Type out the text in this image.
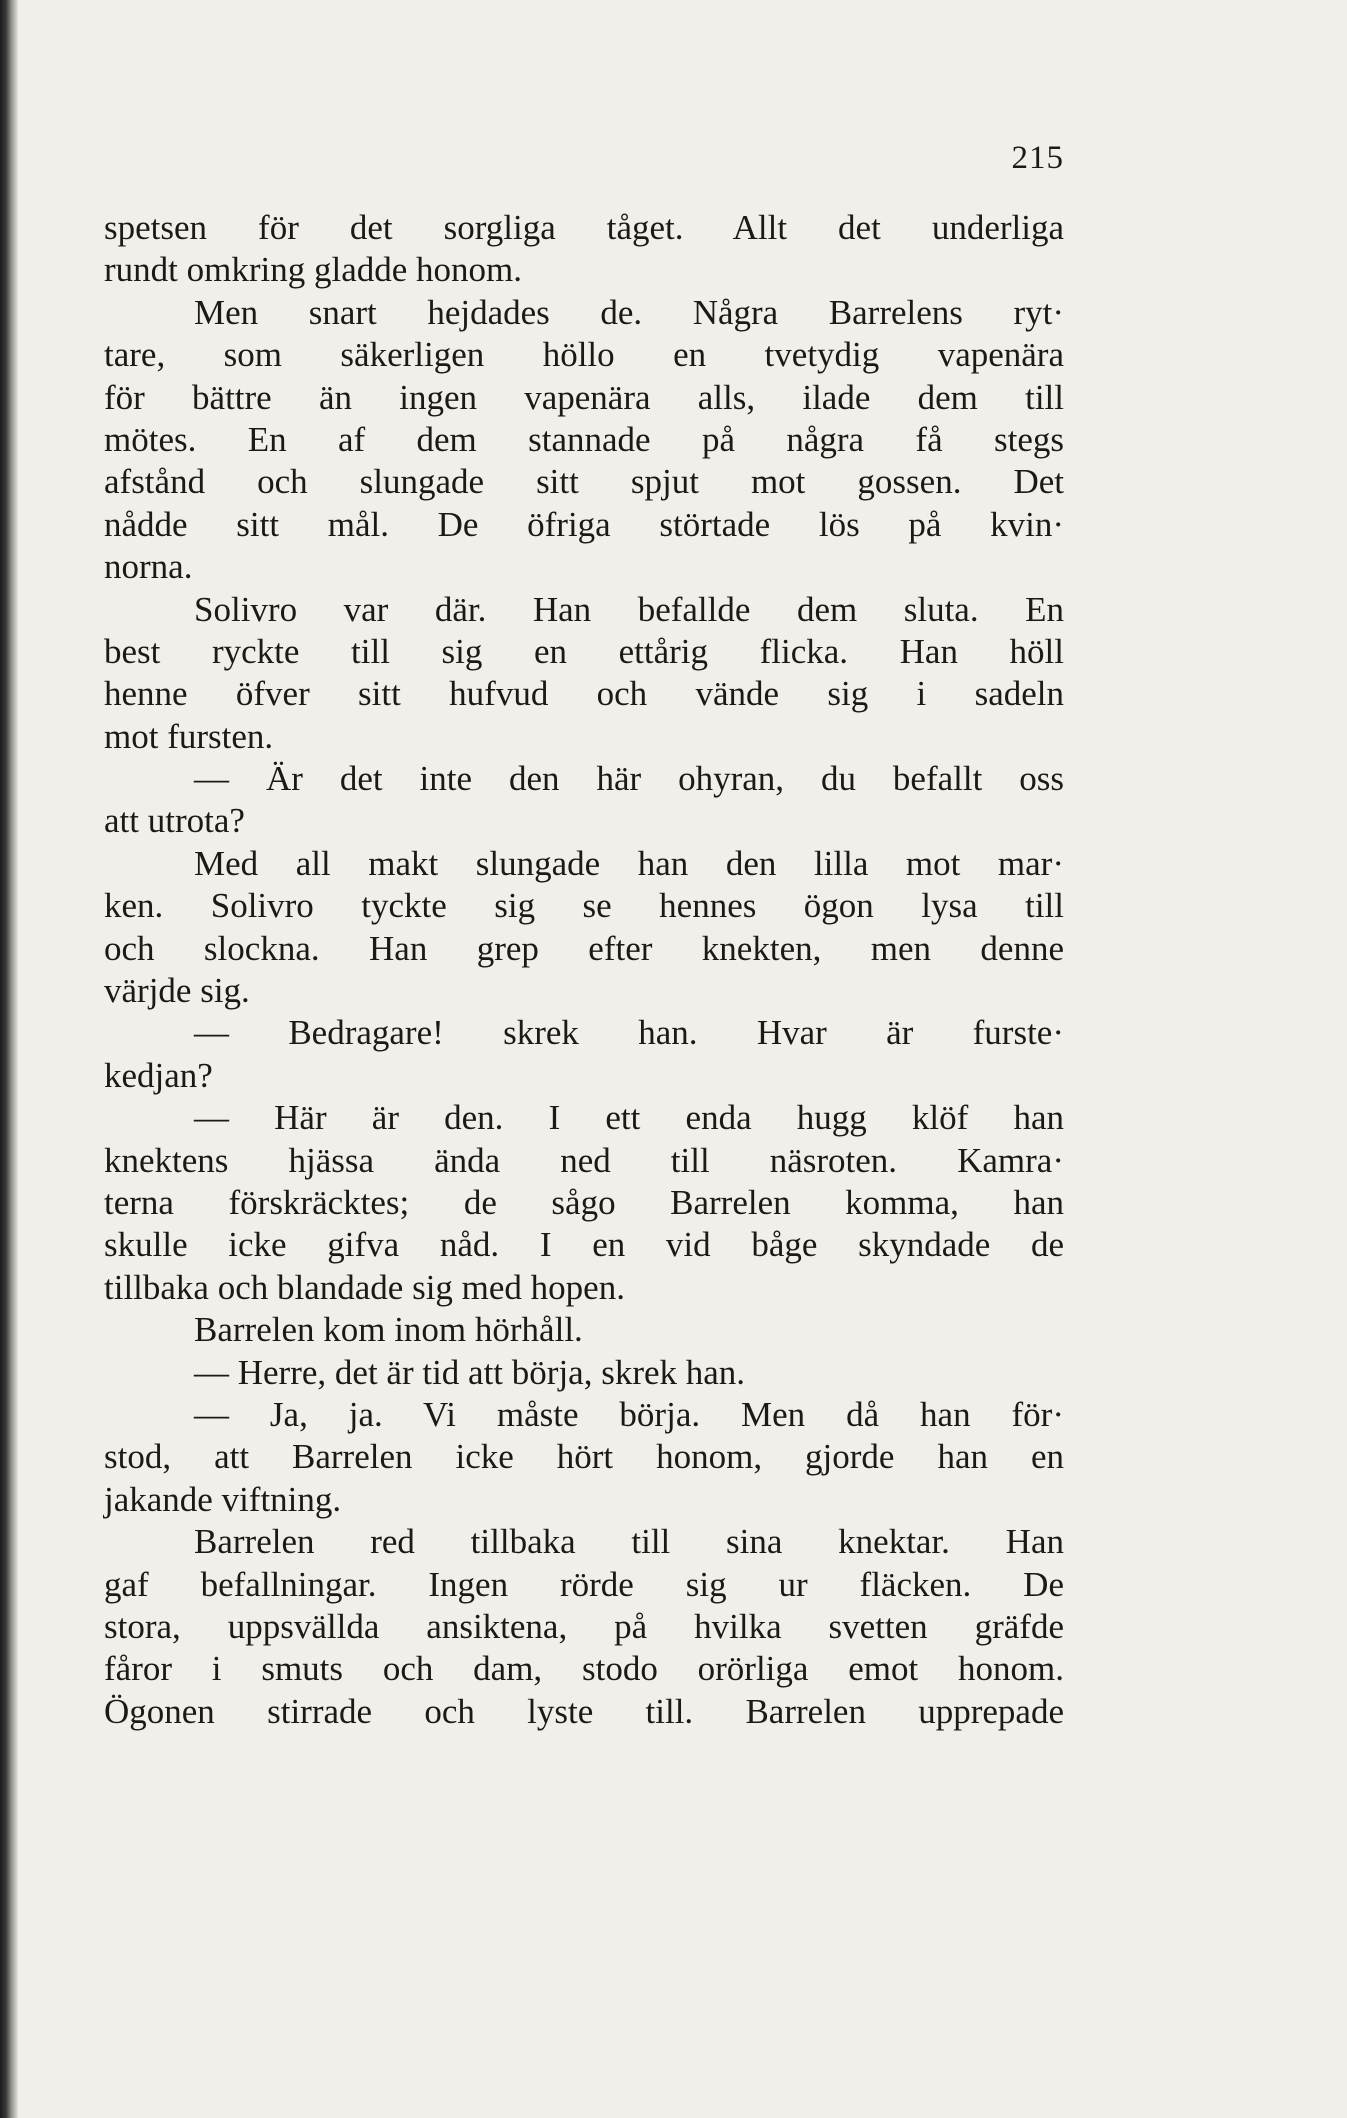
215
spetsen för det sorgliga tåget. Allt det underliga
rundt omkring gladde honom.
Men snart hejdades de. Några Barrelens ryt·
tare, som säkerligen höllo en tvetydig vapenära
för bättre än ingen vapenära alls, ilade dem till
mötes. En af dem stannade på några få stegs
afstånd och slungade sitt spjut mot gossen. Det
nådde sitt mål. De öfriga störtade lös på kvin·
norna.
Solivro var där. Han befallde dem sluta. En
best ryckte till sig en ettårig flicka. Han höll
henne öfver sitt hufvud och vände sig i sadeln
mot fursten.
— Är det inte den här ohyran, du befallt oss
att utrota?
Med all makt slungade han den lilla mot mar·
ken. Solivro tyckte sig se hennes ögon lysa till
och slockna. Han grep efter knekten, men denne
värjde sig.
— Bedragare! skrek han. Hvar är furste·
kedjan?
— Här är den. I ett enda hugg klöf han
knektens hjässa ända ned till näsroten. Kamra·
terna förskräcktes; de sågo Barrelen komma, han
skulle icke gifva nåd. I en vid båge skyndade de
tillbaka och blandade sig med hopen.
Barrelen kom inom hörhåll.
— Herre, det är tid att börja, skrek han.
— Ja, ja. Vi måste börja. Men då han för·
stod, att Barrelen icke hört honom, gjorde han en
jakande viftning.
Barrelen red tillbaka till sina knektar. Han
gaf befallningar. Ingen rörde sig ur fläcken. De
stora, uppsvällda ansiktena, på hvilka svetten gräfde
fåror i smuts och dam, stodo orörliga emot honom.
Ögonen stirrade och lyste till. Barrelen upprepade
